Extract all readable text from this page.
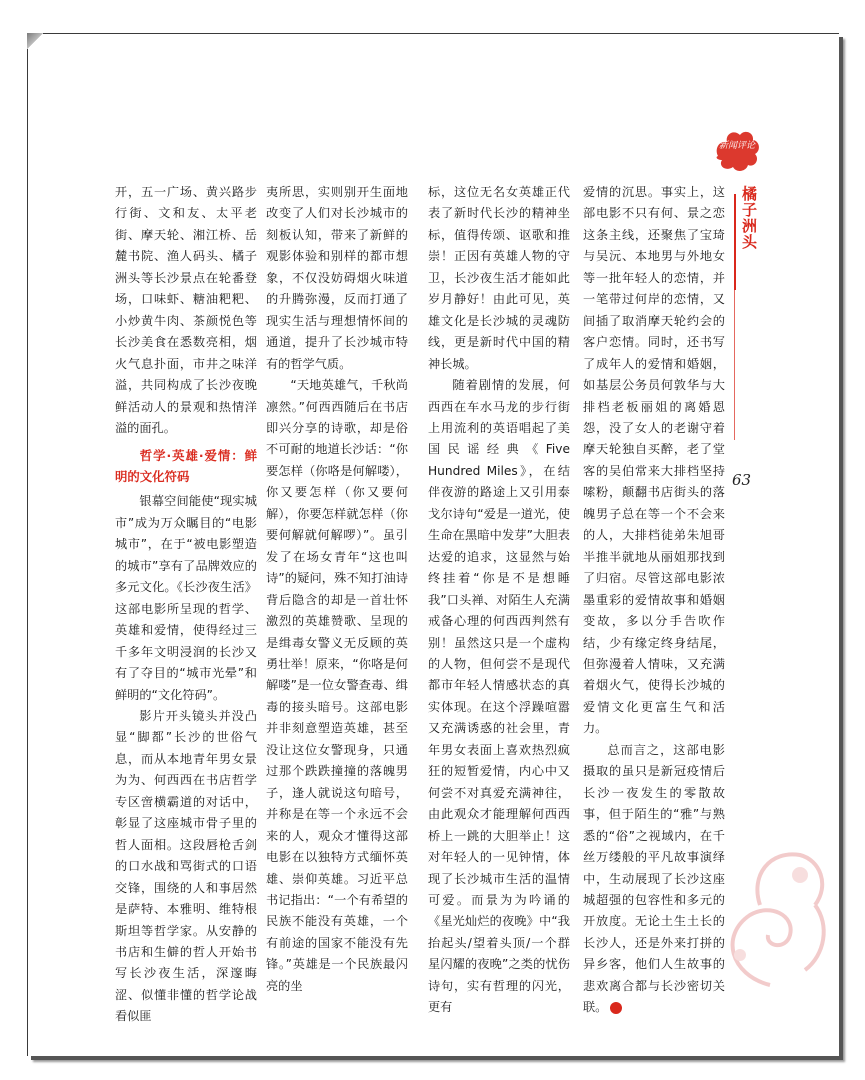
新闻评论
橘子洲头
63

开，五一广场、黄兴路步行街、文和友、太平老街、摩天轮、湘江桥、岳麓书院、渔人码头、橘子洲头等长沙景点在轮番登场，口味虾、糖油粑粑、小炒黄牛肉、茶颜悦色等长沙美食在悉数亮相，烟火气息扑面，市井之味洋溢，共同构成了长沙夜晚鲜活动人的景观和热情洋溢的面孔。

哲学·英雄·爱情：鲜明的文化符码

银幕空间能使“现实城市”成为万众瞩目的“电影城市”，在于“被电影塑造的城市”享有了品牌效应的多元文化。《长沙夜生活》这部电影所呈现的哲学、英雄和爱情，使得经过三千多年文明浸润的长沙又有了夺目的“城市光晕”和鲜明的“文化符码”。

影片开头镜头并没凸显“脚都”长沙的世俗气息，而从本地青年男女景为为、何西西在书店哲学专区啻横霸道的对话中，彰显了这座城市骨子里的哲人面相。这段唇枪舌剑的口水战和骂街式的口语交锋，围绕的人和事居然是萨特、本雅明、维特根斯坦等哲学家。从安静的书店和生僻的哲人开始书写长沙夜生活，深邃晦涩、似懂非懂的哲学论战看似匪

夷所思，实则别开生面地改变了人们对长沙城市的刻板认知，带来了新鲜的观影体验和别样的都市想象，不仅没妨碍烟火味道的升腾弥漫，反而打通了现实生活与理想情怀间的通道，提升了长沙城市特有的哲学气质。

“天地英雄气，千秋尚凛然。”何西西随后在书店即兴分享的诗歌，却是俗不可耐的地道长沙话：“你要怎样（你咯是何解喽），你又要怎样（你又要何解），你要怎样就怎样（你要何解就何解啰）”。虽引发了在场女青年“这也叫诗”的疑问，殊不知打油诗背后隐含的却是一首壮怀激烈的英雄赞歌、呈现的是缉毒女警义无反顾的英勇壮举！原来，“你咯是何解喽”是一位女警查毒、缉毒的接头暗号。这部电影并非刻意塑造英雄，甚至没让这位女警现身，只通过那个跌跌撞撞的落魄男子，逢人就说这句暗号，并称是在等一个永远不会来的人，观众才懂得这部电影在以独特方式缅怀英雄、崇仰英雄。习近平总书记指出：“一个有希望的民族不能没有英雄，一个有前途的国家不能没有先锋。”英雄是一个民族最闪亮的坐

标，这位无名女英雄正代表了新时代长沙的精神坐标，值得传颂、讴歌和推崇！正因有英雄人物的守卫，长沙夜生活才能如此岁月静好！由此可见，英雄文化是长沙城的灵魂防线，更是新时代中国的精神长城。

随着剧情的发展，何西西在车水马龙的步行街上用流利的英语唱起了美国民谣经典《Five Hundred Miles》，在结伴夜游的路途上又引用泰戈尔诗句“爱是一道光，使生命在黑暗中发芽”大胆表达爱的追求，这显然与始终挂着“你是不是想睡我”口头禅、对陌生人充满戒备心理的何西西判然有别！虽然这只是一个虚构的人物，但何尝不是现代都市年轻人情感状态的真实体现。在这个浮躁喧嚣又充满诱惑的社会里，青年男女表面上喜欢热烈疯狂的短暂爱情，内心中又何尝不对真爱充满神往，由此观众才能理解何西西桥上一跳的大胆举止！这对年轻人的一见钟情，体现了长沙城市生活的温情可爱。而景为为吟诵的《星光灿烂的夜晚》中“我抬起头/望着头顶/一个群星闪耀的夜晚”之类的忧伤诗句，实有哲理的闪光，更有

爱情的沉思。事实上，这部电影不只有何、景之恋这条主线，还聚焦了宝琦与吴沅、本地男与外地女等一批年轻人的恋情，并一笔带过何岸的恋情，又间插了取消摩天轮约会的客户恋情。同时，还书写了成年人的爱情和婚姻，如基层公务员何敦华与大排档老板丽姐的离婚恩怨，没了女人的老谢守着摩天轮独自买醉，老了堂客的吴伯常来大排档坚持嗦粉，颠翻书店街头的落魄男子总在等一个不会来的人，大排档徒弟朱旭哥半推半就地从丽姐那找到了归宿。尽管这部电影浓墨重彩的爱情故事和婚姻变故，多以分手告吹作结，少有缘定终身结尾，但弥漫着人情味，又充满着烟火气，使得长沙城的爱情文化更富生气和活力。

总而言之，这部电影摄取的虽只是新冠疫情后长沙一夜发生的零散故事，但于陌生的“雅”与熟悉的“俗”之视域内，在千丝万缕般的平凡故事演绎中，生动展现了长沙这座城超强的包容性和多元的开放度。无论土生土长的长沙人，还是外来打拼的异乡客，他们人生故事的悲欢离合都与长沙密切关联。
